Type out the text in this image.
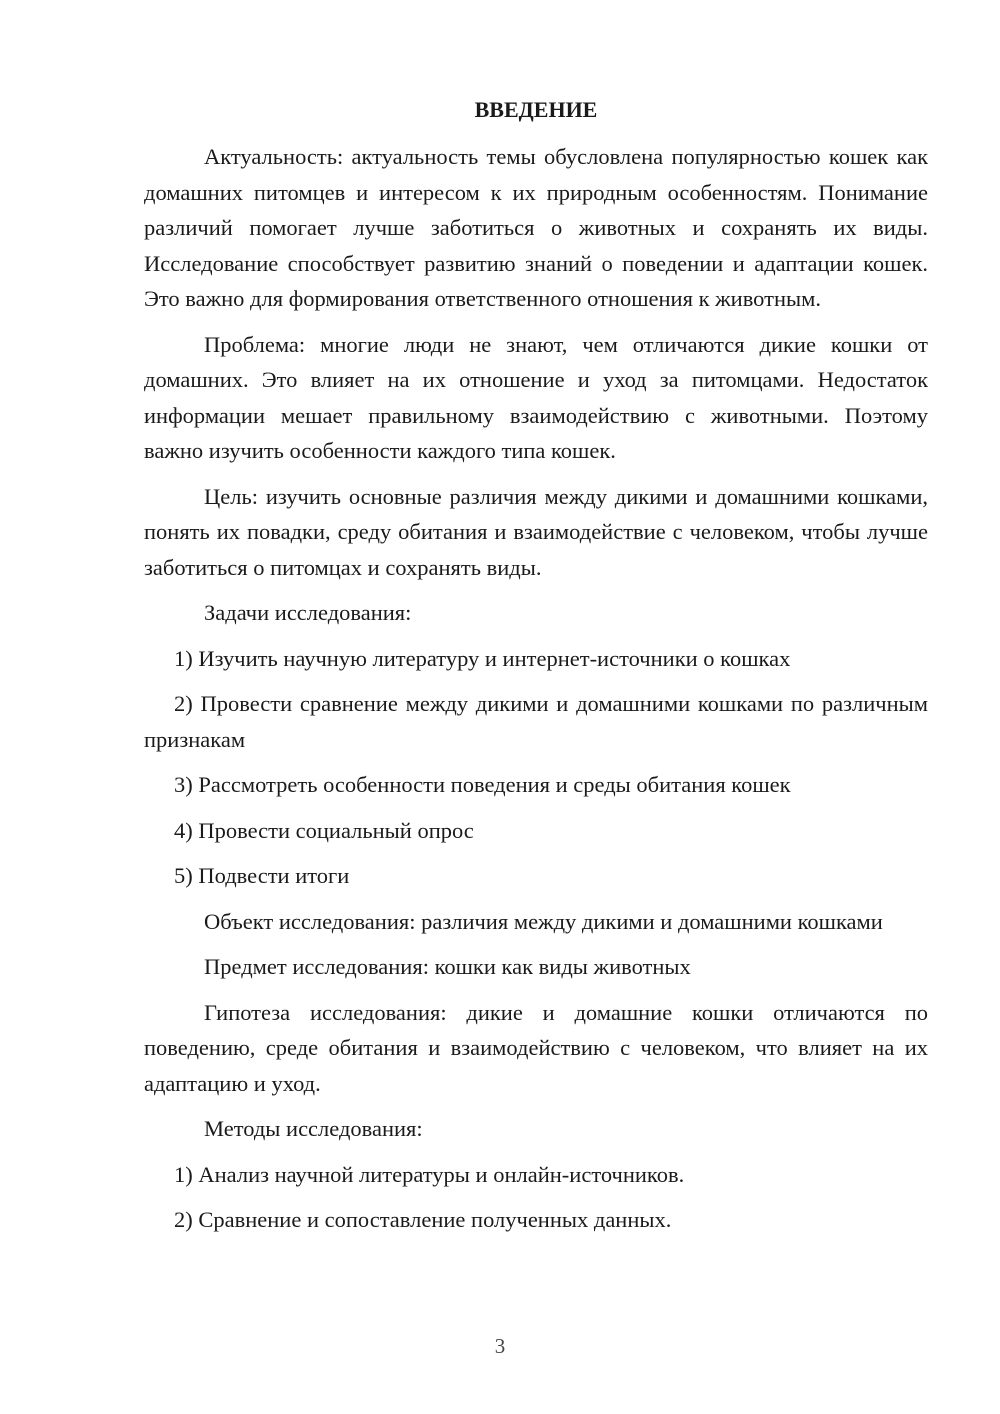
ВВЕДЕНИЕ

Актуальность: актуальность темы обусловлена популярностью кошек как домашних питомцев и интересом к их природным особенностям. Понимание различий помогает лучше заботиться о животных и сохранять их виды. Исследование способствует развитию знаний о поведении и адаптации кошек. Это важно для формирования ответственного отношения к животным.

Проблема: многие люди не знают, чем отличаются дикие кошки от домашних. Это влияет на их отношение и уход за питомцами. Недостаток информации мешает правильному взаимодействию с животными. Поэтому важно изучить особенности каждого типа кошек.

Цель: изучить основные различия между дикими и домашними кошками, понять их повадки, среду обитания и взаимодействие с человеком, чтобы лучше заботиться о питомцах и сохранять виды.

Задачи исследования:

1) Изучить научную литературу и интернет-источники о кошках

2) Провести сравнение между дикими и домашними кошками по различным признакам

3) Рассмотреть особенности поведения и среды обитания кошек

4) Провести социальный опрос

5) Подвести итоги

Объект исследования: различия между дикими и домашними кошками

Предмет исследования: кошки как виды животных

Гипотеза исследования: дикие и домашние кошки отличаются по поведению, среде обитания и взаимодействию с человеком, что влияет на их адаптацию и уход.

Методы исследования:

1) Анализ научной литературы и онлайн-источников.

2) Сравнение и сопоставление полученных данных.

3
